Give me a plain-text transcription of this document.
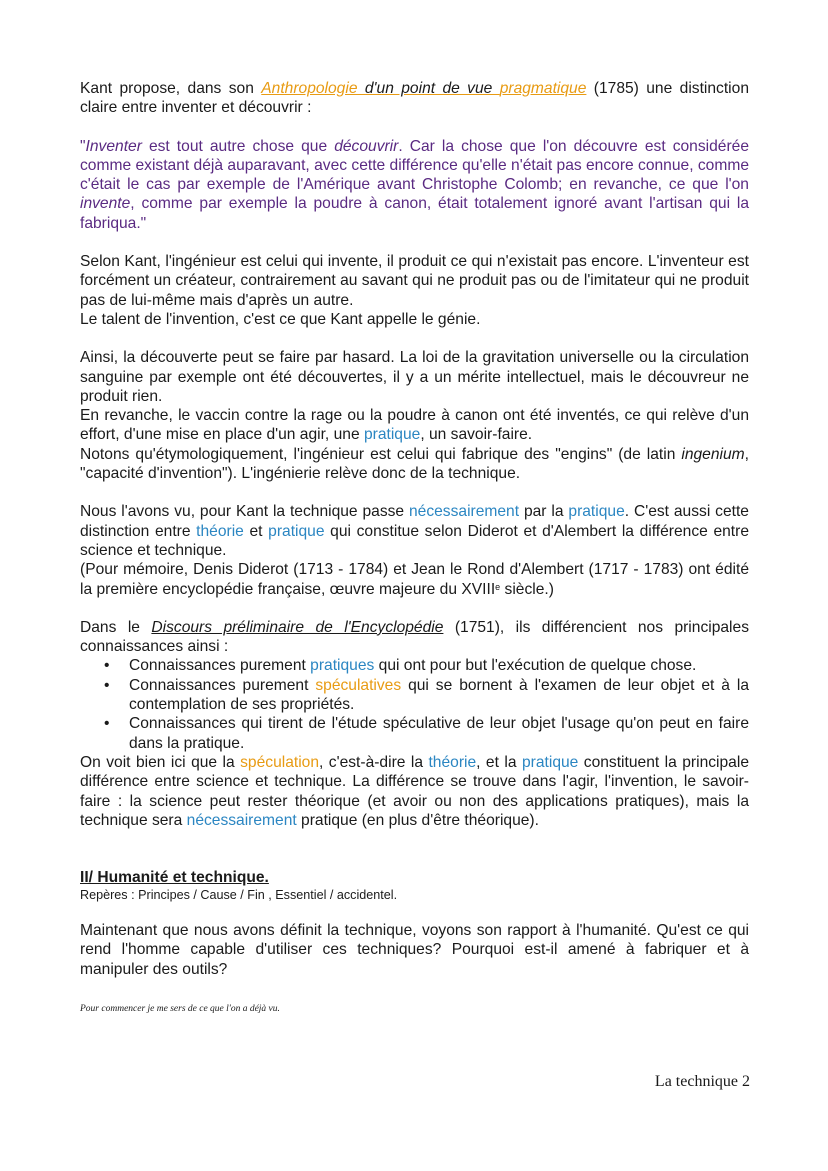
Kant propose, dans son Anthropologie d'un point de vue pragmatique (1785) une distinction claire entre inventer et découvrir :

"Inventer est tout autre chose que découvrir. Car la chose que l'on découvre est considérée comme existant déjà auparavant, avec cette différence qu'elle n'était pas encore connue, comme c'était le cas par exemple de l'Amérique avant Christophe Colomb; en revanche, ce que l'on invente, comme par exemple la poudre à canon, était totalement ignoré avant l'artisan qui la fabriqua."

Selon Kant, l'ingénieur est celui qui invente, il produit ce qui n'existait pas encore. L'inventeur est forcément un créateur, contrairement au savant qui ne produit pas ou de l'imitateur qui ne produit pas de lui-même mais d'après un autre.

Le talent de l'invention, c'est ce que Kant appelle le génie.

Ainsi, la découverte peut se faire par hasard. La loi de la gravitation universelle ou la circulation sanguine par exemple ont été découvertes, il y a un mérite intellectuel, mais le découvreur ne produit rien.

En revanche, le vaccin contre la rage ou la poudre à canon ont été inventés, ce qui relève d'un effort, d'une mise en place d'un agir, une pratique, un savoir-faire.

Notons qu'étymologiquement, l'ingénieur est celui qui fabrique des "engins" (de latin ingenium, "capacité d'invention"). L'ingénierie relève donc de la technique.

Nous l'avons vu, pour Kant la technique passe nécessairement par la pratique. C'est aussi cette distinction entre théorie et pratique qui constitue selon Diderot et d'Alembert la différence entre science et technique.

(Pour mémoire, Denis Diderot (1713 - 1784) et Jean le Rond d'Alembert (1717 - 1783) ont édité la première encyclopédie française, œuvre majeure du XVIIIe siècle.)

Dans le Discours préliminaire de l'Encyclopédie (1751), ils différencient nos principales connaissances ainsi :

• Connaissances purement pratiques qui ont pour but l'exécution de quelque chose.
• Connaissances purement spéculatives qui se bornent à l'examen de leur objet et à la contemplation de ses propriétés.
• Connaissances qui tirent de l'étude spéculative de leur objet l'usage qu'on peut en faire dans la pratique.

On voit bien ici que la spéculation, c'est-à-dire la théorie, et la pratique constituent la principale différence entre science et technique. La différence se trouve dans l'agir, l'invention, le savoir-faire : la science peut rester théorique (et avoir ou non des applications pratiques), mais la technique sera nécessairement pratique (en plus d'être théorique).

II/ Humanité et technique.

Repères : Principes / Cause / Fin , Essentiel / accidentel.

Maintenant que nous avons définit la technique, voyons son rapport à l'humanité. Qu'est ce qui rend l'homme capable d'utiliser ces techniques? Pourquoi est-il amené à fabriquer et à manipuler des outils?

Pour commencer je me sers de ce que l'on a déjà vu.

La technique 2
